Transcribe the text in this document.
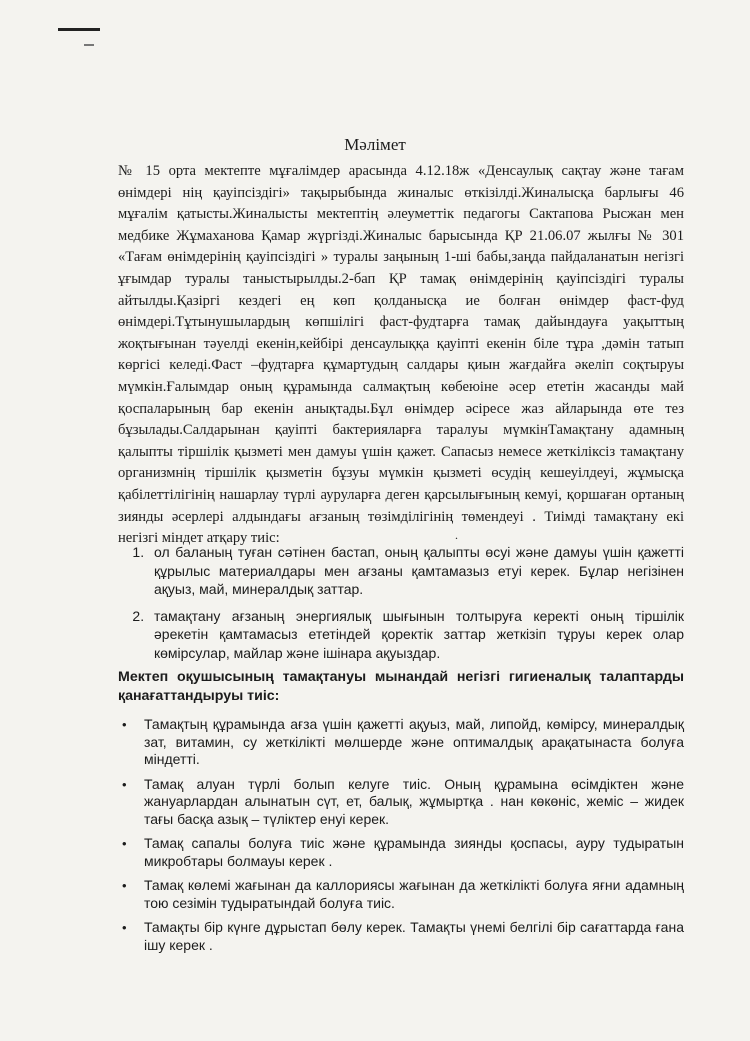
Мәлімет

№ 15 орта мектепте мұғалімдер арасында 4.12.18ж «Денсаулық сақтау және тағам өнімдері нің қауіпсіздігі» тақырыбында жиналыс өткізілді.Жиналысқа барлығы 46 мұғалім қатысты.Жиналысты мектептің әлеуметтік педагогы Сактапова Рысжан мен медбике Жұмаханова Қамар жүргізді.Жиналыс барысында ҚР 21.06.07 жылғы № 301 «Тағам өнімдерінің қауіпсіздігі » туралы заңының 1-ші бабы,заңда пайдаланатын негізгі ұғымдар туралы таныстырылды.2-бап ҚР тамақ өнімдерінің қауіпсіздігі туралы айтылды.Қазіргі кездегі ең көп қолданысқа ие болған өнімдер фаст-фуд өнімдері.Тұтынушылардың көпшілігі фаст-фудтарға тамақ дайындауға уақыттың жоқтығынан тәуелді екенін,кейбірі денсаулыққа қауіпті екенін біле тұра ,дәмін татып көргісі келеді.Фаст –фудтарға құмартудың салдары қиын жағдайға әкеліп соқтыруы мүмкін.Ғалымдар оның құрамында салмақтың көбеюіне әсер ететін жасанды май қоспаларының бар екенін анықтады.Бұл өнімдер әсіресе жаз айларында өте тез бұзылады.Салдарынан қауіпті бактерияларға таралуы мүмкінТамақтану адамның қалыпты тіршілік қызметі мен дамуы үшін қажет. Сапасыз немесе жеткіліксіз тамақтану организмнің тіршілік қызметін бұзуы мүмкін қызметі өсудің кешеуілдеуі, жұмысқа қабілеттілігінің нашарлау түрлі ауруларға деген қарсылығының кемуі, қоршаған ортаның зиянды әсерлері алдындағы ағзаның төзімділігінің төмендеуі . Тиімді тамақтану екі негізгі міндет атқару тиіс:	.
1. ол баланың туған сәтінен бастап, оның қалыпты өсуі және дамуы үшін қажетті құрылыс материалдары мен ағзаны қамтамазыз етуі керек. Бұлар негізінен ақуыз, май, минералдық заттар.
2. тамақтану ағзаның энергиялық шығынын толтыруға керекті оның тіршілік әрекетін қамтамасыз ететіндей қоректік заттар жеткізіп тұруы керек олар көмірсулар, майлар және ішінара ақуыздар.
Мектеп оқушысының тамақтануы мынандай негізгі гигиеналық талаптарды қанағаттандыруы тиіс:
• Тамақтың құрамында ағза үшін қажетті ақуыз, май, липойд, көмірсу, минералдық зат, витамин, су жеткілікті мөлшерде және оптималдық арақатынаста болуға міндетті.
• Тамақ алуан түрлі болып келуге тиіс. Оның құрамына өсімдіктен және жануарлардан алынатын сүт, ет, балық, жұмыртқа . нан көкөніс, жеміс – жидек тағы басқа азық – түліктер енуі керек.
• Тамақ сапалы болуға тиіс және құрамында зиянды қоспасы, ауру тудыратын микробтары болмауы керек .
• Тамақ көлемі жағынан да каллориясы жағынан да жеткілікті болуға яғни адамның тою сезімін тудыратындай болуға тиіс.
• Тамақты бір күнге дұрыстап бөлу керек. Тамақты үнемі белгілі бір сағаттарда ғана ішу керек .
